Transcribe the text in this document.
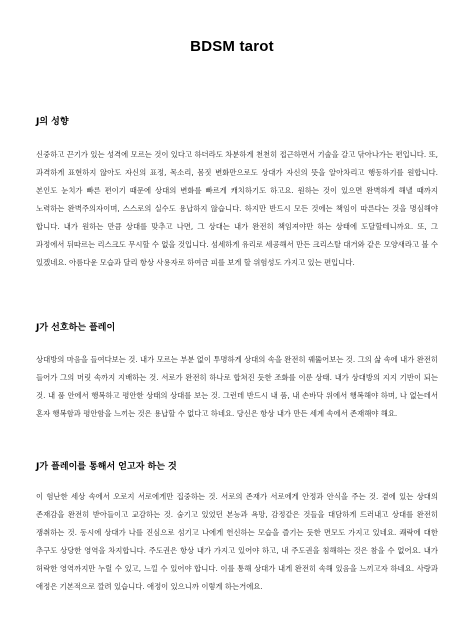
BDSM tarot
J의 성향
신중하고 끈기가 있는 성격에 모르는 것이 있다고 하더라도 차분하게 천천히 접근하면서 기술을 갈고 닦아나가는 편입니다. 또, 과격하게 표현하지 않아도 자신의 표정, 목소리, 몸짓 변화만으로도 상대가 자신의 뜻을 알아차리고 행동하기를 원합니다. 본인도 눈치가 빠른 편이기 때문에 상대의 변화를 빠르게 캐치하기도 하고요. 원하는 것이 있으면 완벽하게 해낼 때까지 노력하는 완벽주의자이며, 스스로의 실수도 용납하지 않습니다. 하지만 반드시 모든 것에는 책임이 따른다는 것을 명심해야 합니다. 내가 원하는 만큼 상대를 맞추고 나면, 그 상대는 내가 완전히 책임져야만 하는 상태에 도달할테니까요. 또, 그 과정에서 뒤따르는 리스크도 무시할 수 없을 것입니다. 섬세하게 유리로 세공해서 만든 크리스탈 대거와 같은 모양새라고 볼 수 있겠네요. 아름다운 모습과 달리 항상 사용자로 하여금 피를 보게 할 위험성도 가지고 있는 편입니다.
J가 선호하는 플레이
상대방의 마음을 들여다보는 것. 내가 모르는 부분 없이 투명하게 상대의 속을 완전히 꿰뚫어보는 것. 그의 삶 속에 내가 완전히 들어가 그의 머릿 속까지 지배하는 것. 서로가 완전히 하나로 합쳐진 듯한 조화를 이룬 상태. 내가 상대방의 지지 기반이 되는 것. 내 품 안에서 행복하고 평안한 상태의 상대를 보는 것. 그런데 반드시 내 품, 내 손바닥 위에서 행복해야 하며, 나 없는데서 혼자 행복함과 평안함을 느끼는 것은 용납할 수 없다고 하네요. 당신은 항상 내가 만든 세계 속에서 존재해야 해요.
J가 플레이를 통해서 얻고자 하는 것
이 험난한 세상 속에서 오로지 서로에게만 집중하는 것. 서로의 존재가 서로에게 안정과 안식을 주는 것. 곁에 있는 상대의 존재감을 완전히 받아들이고 교감하는 것. 숨기고 있었던 본능과 욕망, 감정같은 것들을 대담하게 드러내고 상대를 완전히 쟁취하는 것. 동시에 상대가 나를 진심으로 섬기고 나에게 헌신하는 모습을 즐기는 듯한 면모도 가지고 있네요. 쾌락에 대한 추구도 상당한 영역을 차지합니다. 주도권은 항상 내가 가지고 있어야 하고, 내 주도권을 침해하는 것은 참을 수 없어요. 내가 허락한 영역까지만 누릴 수 있고, 느낄 수 있어야 합니다. 이를 통해 상대가 내게 완전히 속해 있음을 느끼고자 하네요. 사랑과 애정은 기본적으로 깔려 있습니다. 애정이 있으니까 이렇게 하는거에요.
